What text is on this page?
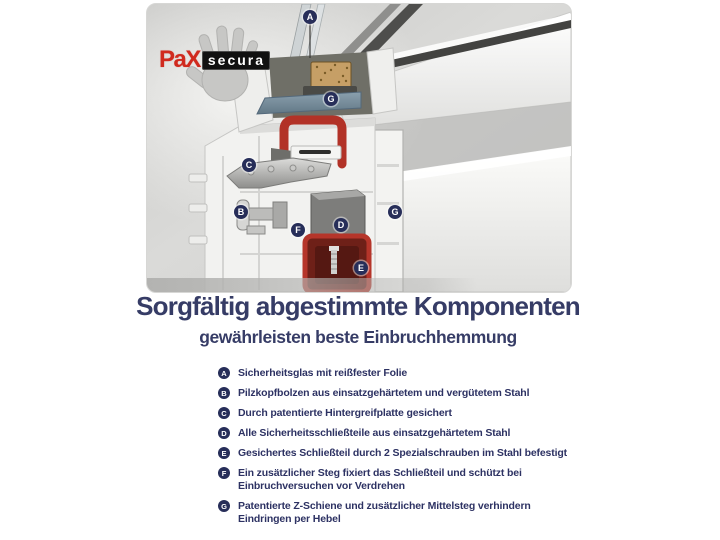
PaX secura
A
G
C
B
F	D
G
E
Sorgfältig abgestimmte Komponenten
gewährleisten beste Einbruchhemmung
A	Sicherheitsglas mit reißfester Folie
B	Pilzkopfbolzen aus einsatzgehärtetem und vergütetem Stahl
C	Durch patentierte Hintergreifplatte gesichert
D	Alle Sicherheitsschließteile aus einsatzgehärtetem Stahl
E	Gesichertes Schließteil durch 2 Spezialschrauben im Stahl befestigt
F	Ein zusätzlicher Steg fixiert das Schließteil und schützt bei
Einbruchversuchen vor Verdrehen
G Patentierte Z-Schiene und zusätzlicher Mittelsteg verhindern
Eindringen per Hebel
